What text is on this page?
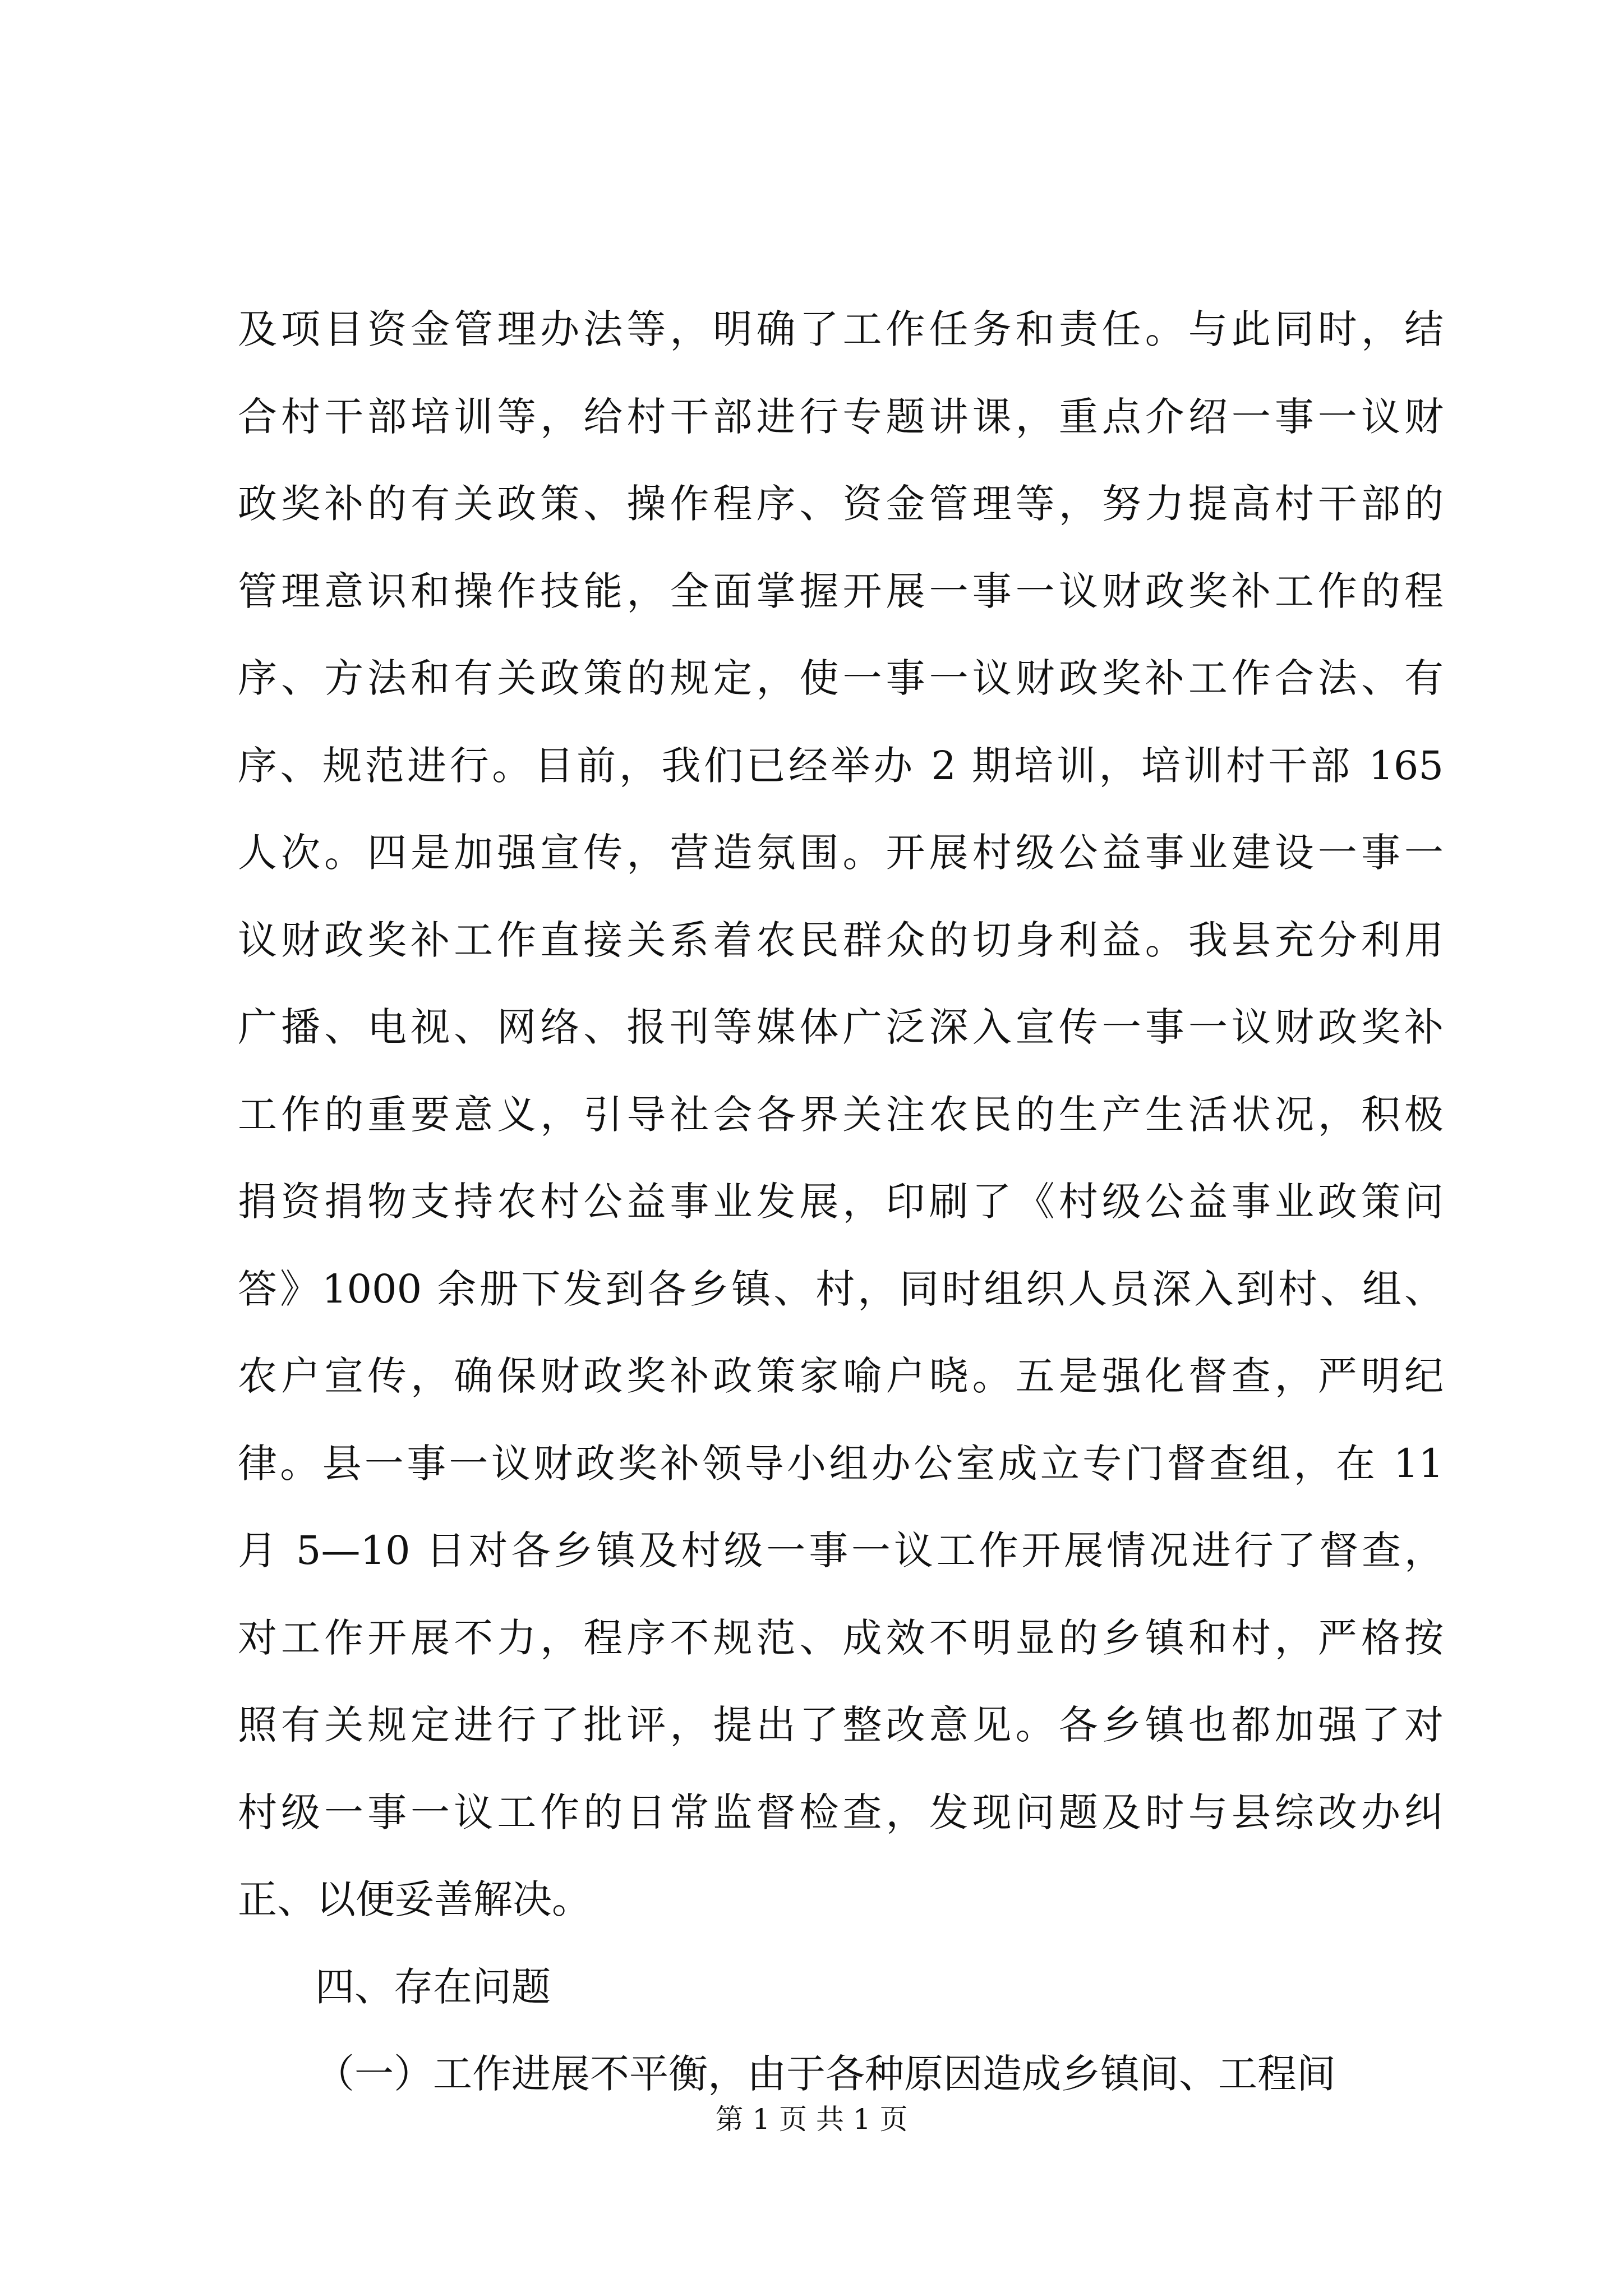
及项目资金管理办法等，明确了工作任务和责任。与此同时，结
合村干部培训等，给村干部进行专题讲课，重点介绍一事一议财
政奖补的有关政策、操作程序、资金管理等，努力提高村干部的
管理意识和操作技能，全面掌握开展一事一议财政奖补工作的程
序、方法和有关政策的规定，使一事一议财政奖补工作合法、有
序、规范进行。目前，我们已经举办 2 期培训，培训村干部 165
人次。四是加强宣传，营造氛围。开展村级公益事业建设一事一
议财政奖补工作直接关系着农民群众的切身利益。我县充分利用
广播、电视、网络、报刊等媒体广泛深入宣传一事一议财政奖补
工作的重要意义，引导社会各界关注农民的生产生活状况，积极
捐资捐物支持农村公益事业发展，印刷了《村级公益事业政策问
答》1000 余册下发到各乡镇、村，同时组织人员深入到村、组、
农户宣传，确保财政奖补政策家喻户晓。五是强化督查，严明纪
律。县一事一议财政奖补领导小组办公室成立专门督查组，在 11
月 5—10 日对各乡镇及村级一事一议工作开展情况进行了督查，
对工作开展不力，程序不规范、成效不明显的乡镇和村，严格按
照有关规定进行了批评，提出了整改意见。各乡镇也都加强了对
村级一事一议工作的日常监督检查，发现问题及时与县综改办纠
正、以便妥善解决。
四、存在问题
（一）工作进展不平衡，由于各种原因造成乡镇间、工程间
第 1 页 共 1 页
